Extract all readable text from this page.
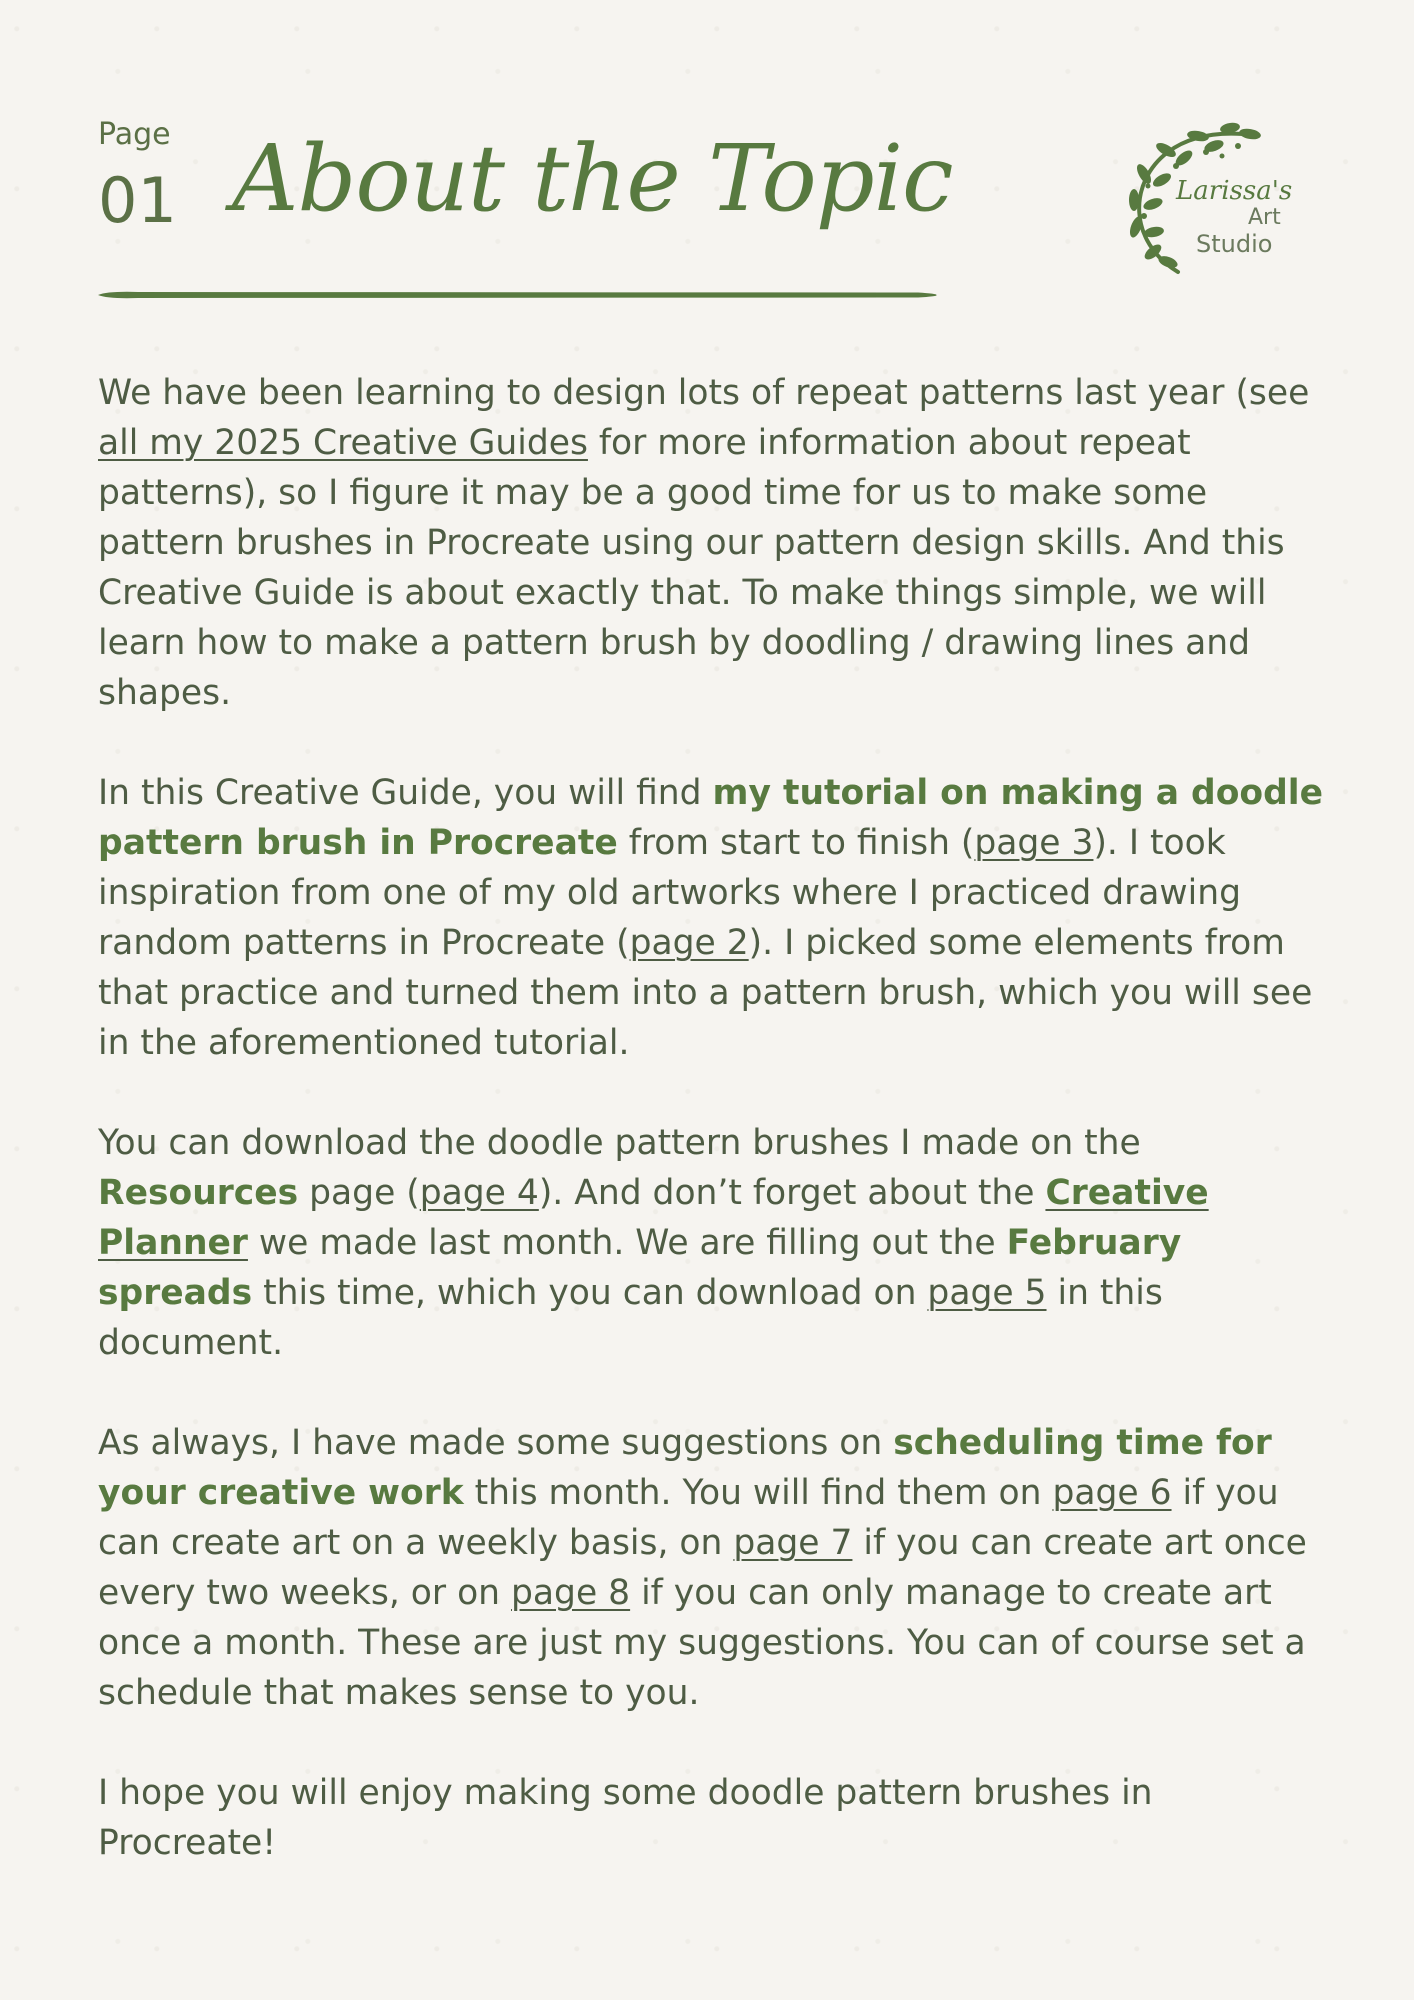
Page
01 About the Topic	Larissa's
Art
Studio

We have been learning to design lots of repeat patterns last year (see all my 2025 Creative Guides for more information about repeat patterns), so I figure it may be a good time for us to make some pattern brushes in Procreate using our pattern design skills. And this Creative Guide is about exactly that. To make things simple, we will learn how to make a pattern brush by doodling / drawing lines and shapes.

In this Creative Guide, you will find my tutorial on making a doodle pattern brush in Procreate from start to finish (page 3). I took inspiration from one of my old artworks where I practiced drawing random patterns in Procreate (page 2). I picked some elements from that practice and turned them into a pattern brush, which you will see in the aforementioned tutorial.

You can download the doodle pattern brushes I made on the Resources page (page 4). And don’t forget about the Creative Planner we made last month. We are filling out the February spreads this time, which you can download on page 5 in this document.

As always, I have made some suggestions on scheduling time for your creative work this month. You will find them on page 6 if you can create art on a weekly basis, on page 7 if you can create art once every two weeks, or on page 8 if you can only manage to create art once a month. These are just my suggestions. You can of course set a schedule that makes sense to you.

I hope you will enjoy making some doodle pattern brushes in Procreate!
